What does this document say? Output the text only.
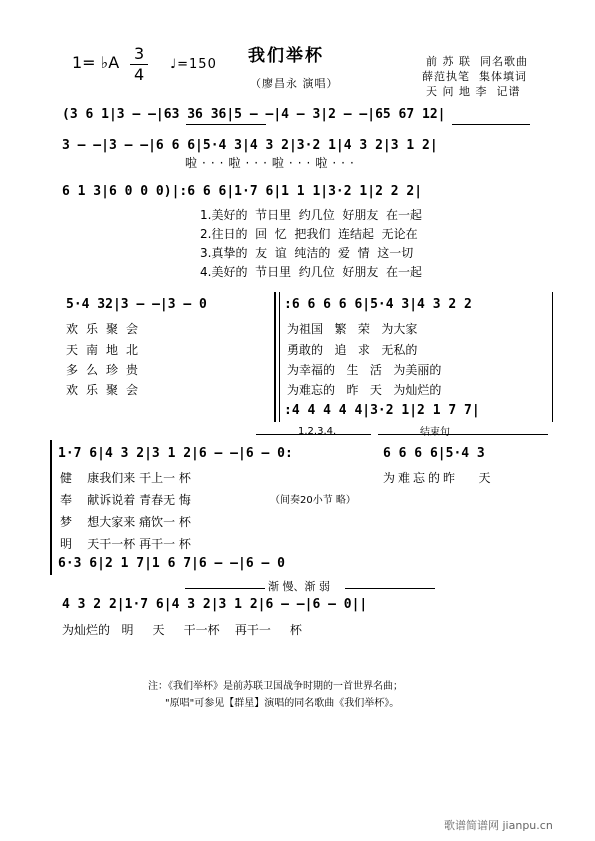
1= ♭A 3
4
♩=150 我们举杯
（廖昌永 演唱）
前 苏 联  同名歌曲
薛范执笔  集体填词
天 问 地 李  记谱
(3 6 1|3 – –|63 36 36|5 – –|4 – 3|2 – –|65 67 12|
3 – –|3 – –|6 6 6|5·4 3|4 3 2|3·2 1|4 3 2|3 1 2|
啦···啦···啦···啦···
6 1 3|6 0 0 0)|:6 6 6|1·7 6|1 1 1|3·2 1|2 2 2|
1.美好的  节日里  约几位  好朋友  在一起
2.往日的  回  忆  把我们  连结起  无论在
3.真挚的  友  谊  纯洁的  爱  情  这一切
4.美好的  节日里  约几位  好朋友  在一起
5·4 32|3 – –|3 – 0	:6 6 6 6 6|5·4 3|4 3 2 2
欢乐聚会
天南地北
多么珍贵
欢乐聚会
为祖国   繁   荣   为大家
勇敢的   追   求   无私的
为幸福的   生   活   为美丽的
为难忘的   昨   天   为灿烂的
:4 4 4 4 4|3·2 1|2 1 7 7|
1.2.3.4.	结束句
1·7 6|4 3 2|3 1 2|6 – –|6 – 0:	6 6 6 6|5·4 3
健    康我们来 干上一 杯	为难忘的昨   天
奉    献诉说着 青春无 悔	（间奏20小节 略）
梦    想大家来 痛饮一 杯
明    天干一杯 再干一 杯
6·3 6|2 1 7|1 6 7|6 – –|6 – 0
渐 慢、渐 弱
4 3 2 2|1·7 6|4 3 2|3 1 2|6 – –|6 – 0||
为灿烂的   明     天     干一杯    再干一     杯
注：《我们举杯》是前苏联卫国战争时期的一首世界名曲；
"原唱"可参见【群星】演唱的同名歌曲《我们举杯》。
歌谱简谱网 jianpu.cn
